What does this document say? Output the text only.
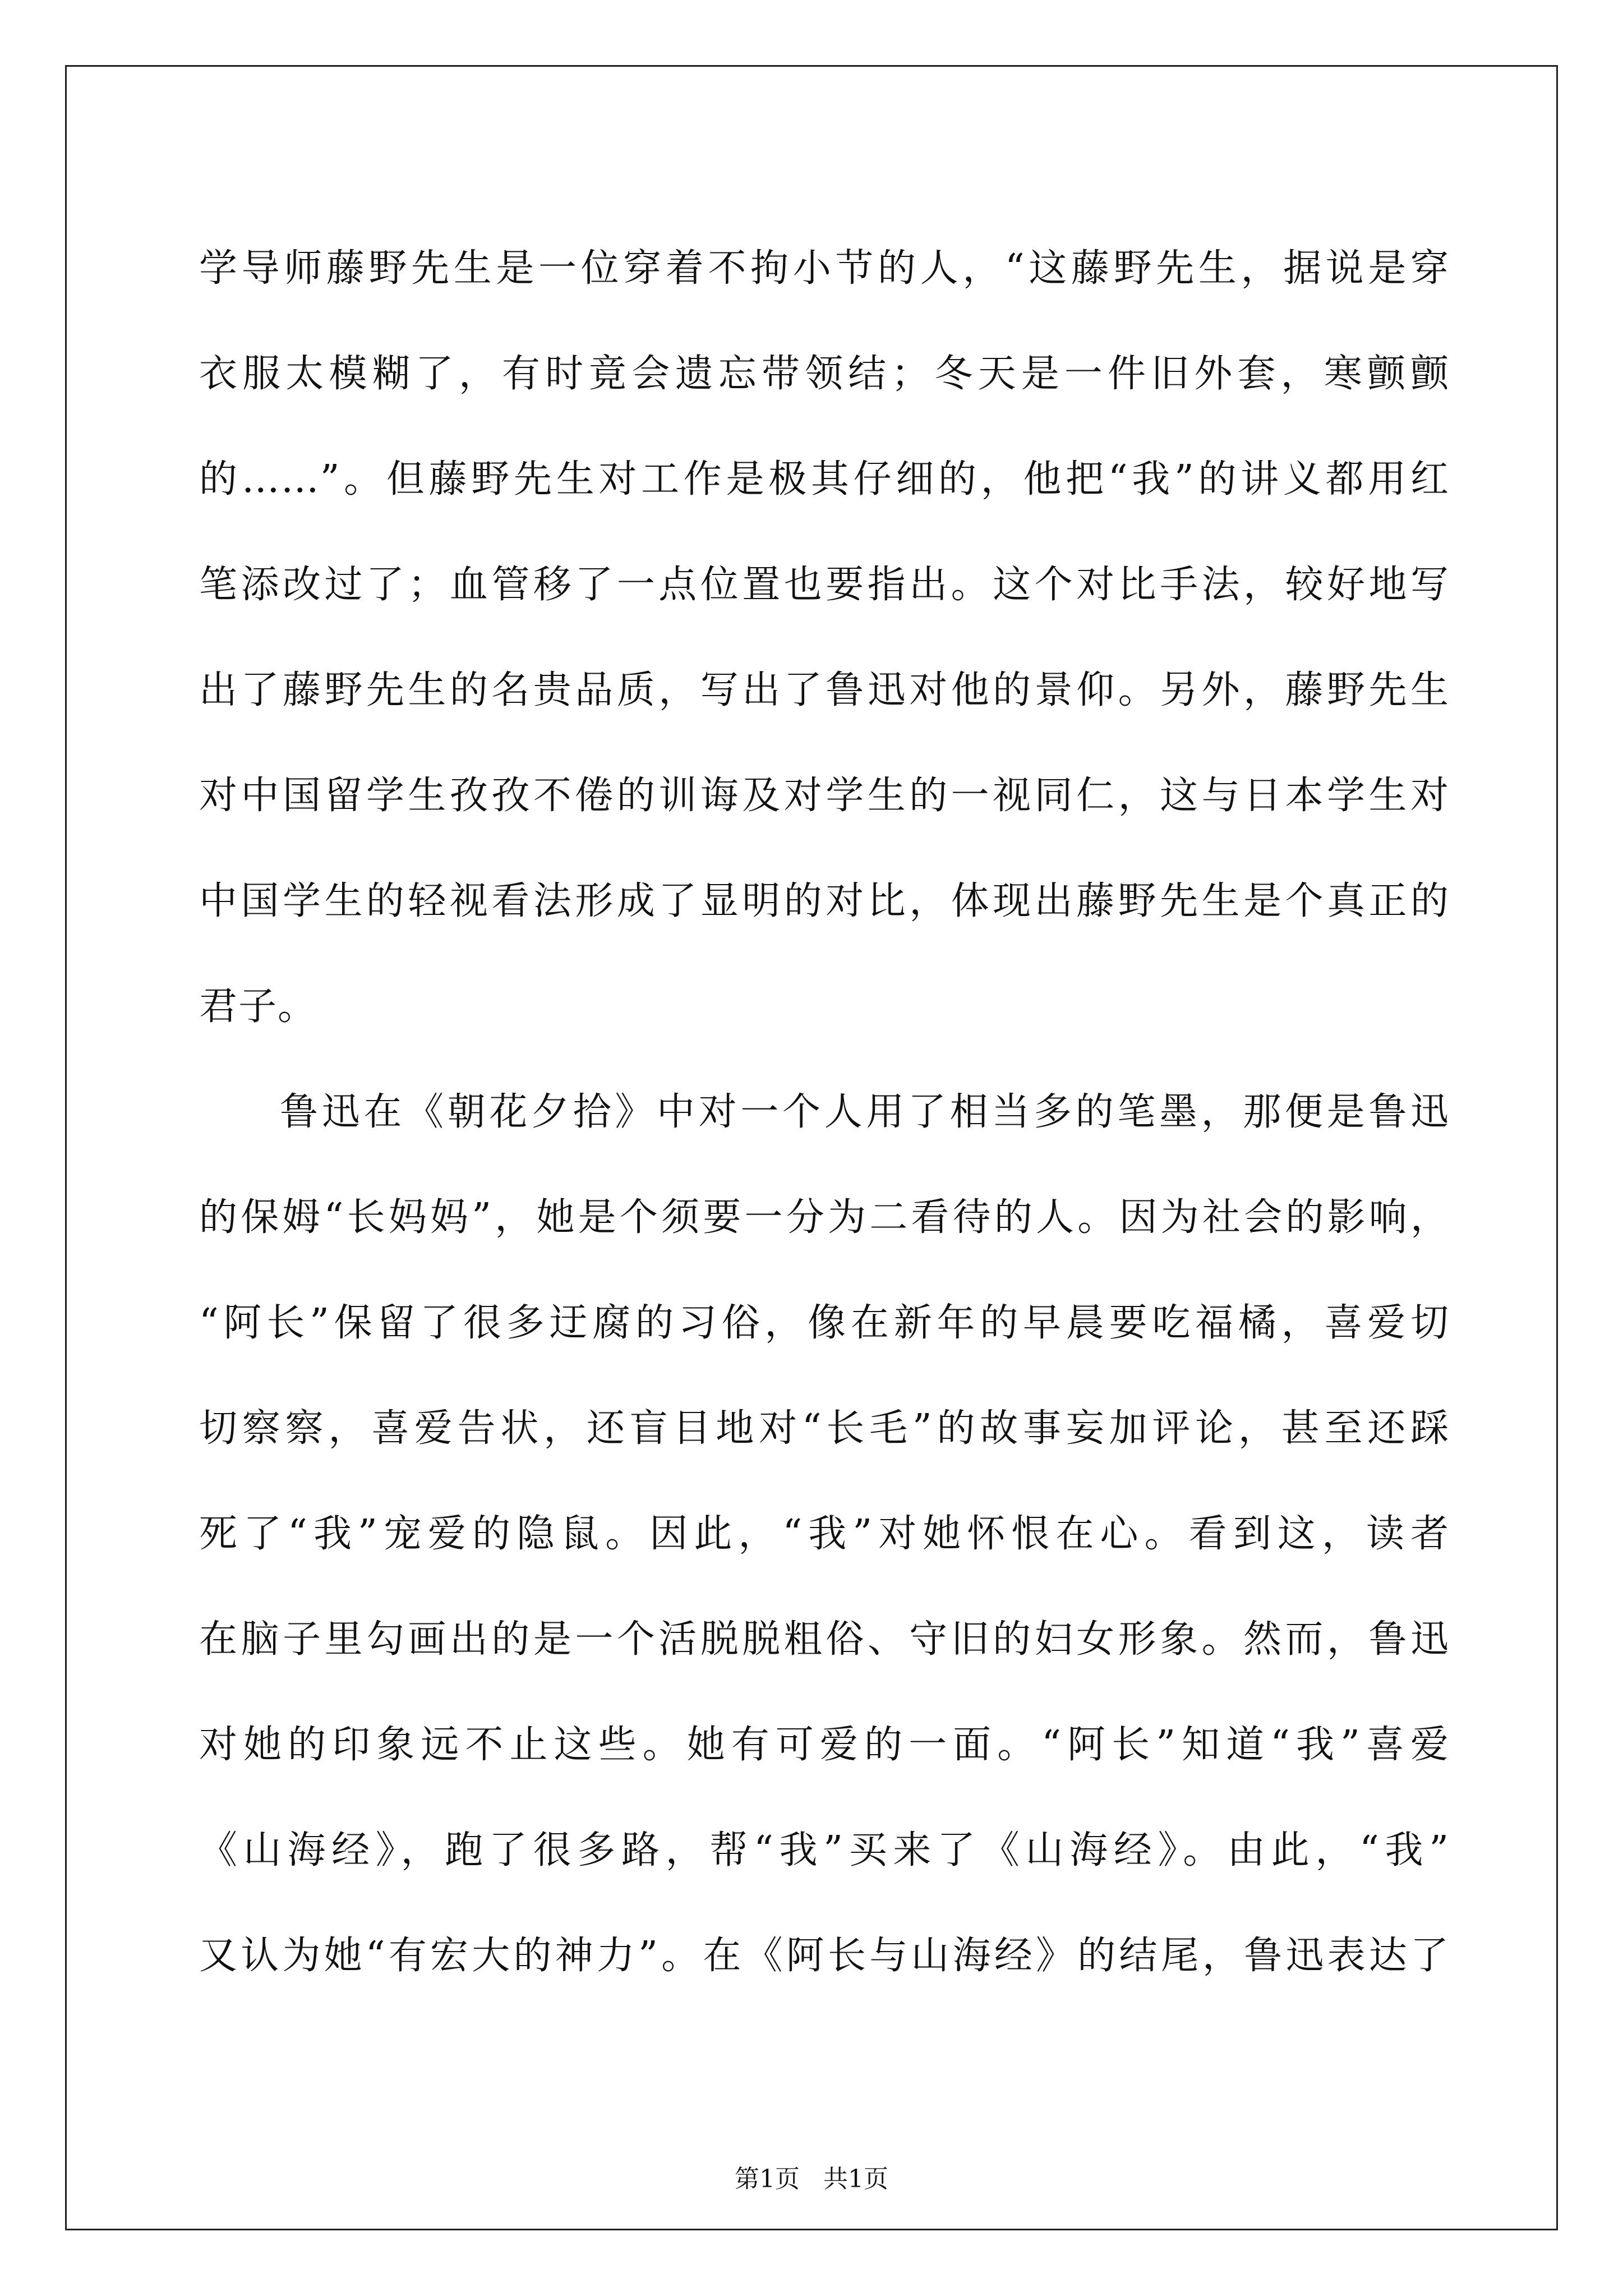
学导师藤野先生是一位穿着不拘小节的人，“这藤野先生，据说是穿
衣服太模糊了，有时竟会遗忘带领结；冬天是一件旧外套，寒颤颤
的……”。但藤野先生对工作是极其仔细的，他把“我”的讲义都用红
笔添改过了；血管移了一点位置也要指出。这个对比手法，较好地写
出了藤野先生的名贵品质，写出了鲁迅对他的景仰。另外，藤野先生
对中国留学生孜孜不倦的训诲及对学生的一视同仁，这与日本学生对
中国学生的轻视看法形成了显明的对比，体现出藤野先生是个真正的
君子。
鲁迅在《朝花夕拾》中对一个人用了相当多的笔墨，那便是鲁迅
的保姆“长妈妈”，她是个须要一分为二看待的人。因为社会的影响，
“阿长”保留了很多迂腐的习俗，像在新年的早晨要吃福橘，喜爱切
切察察，喜爱告状，还盲目地对“长毛”的故事妄加评论，甚至还踩
死了“我”宠爱的隐鼠。因此，“我”对她怀恨在心。看到这，读者
在脑子里勾画出的是一个活脱脱粗俗、守旧的妇女形象。然而，鲁迅
对她的印象远不止这些。她有可爱的一面。“阿长”知道“我”喜爱
《山海经》，跑了很多路，帮“我”买来了《山海经》。由此，“我”
又认为她“有宏大的神力”。在《阿长与山海经》的结尾，鲁迅表达了
第1页   共1页
